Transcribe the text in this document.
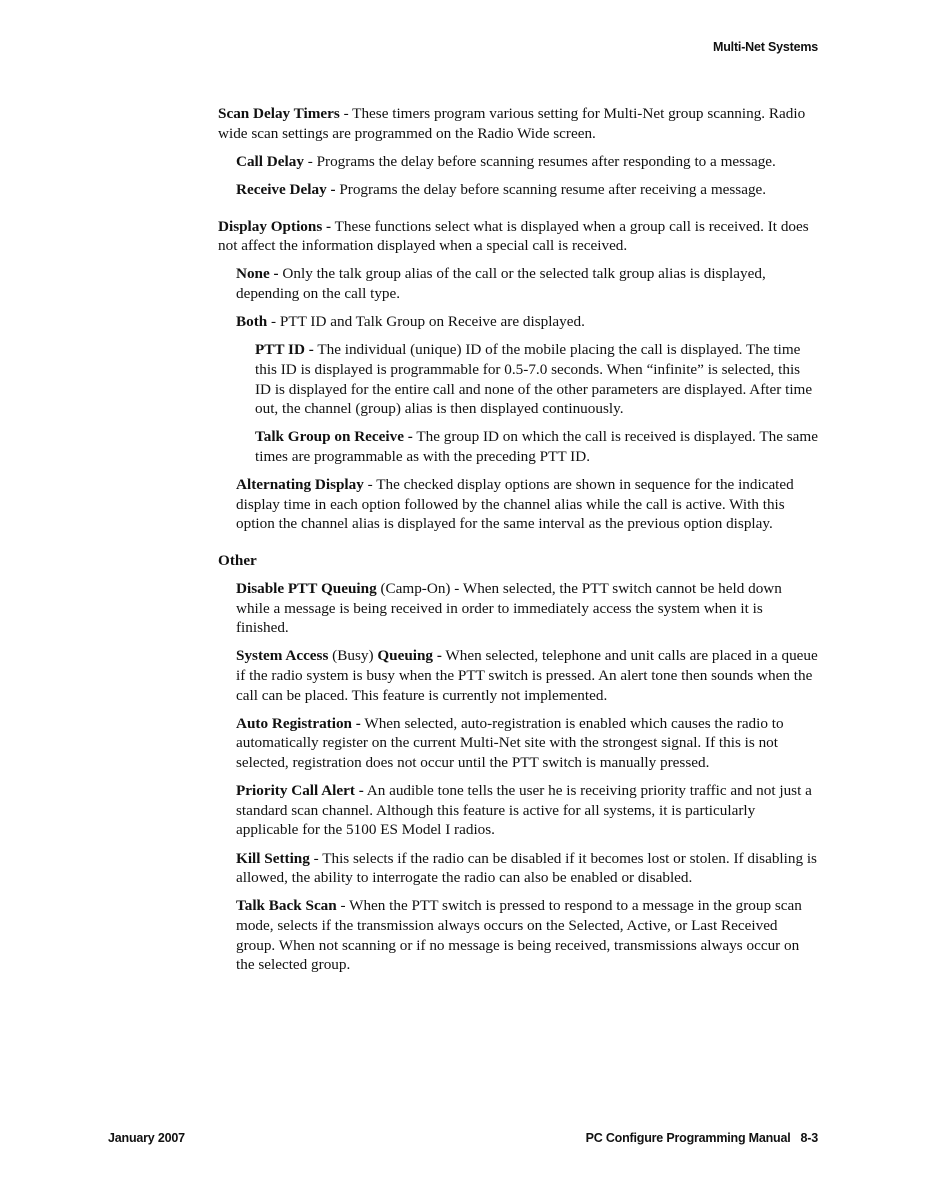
Multi-Net Systems
Scan Delay Timers - These timers program various setting for Multi-Net group scanning. Radio wide scan settings are programmed on the Radio Wide screen.
Call Delay - Programs the delay before scanning resumes after responding to a message.
Receive Delay - Programs the delay before scanning resume after receiving a message.
Display Options - These functions select what is displayed when a group call is received. It does not affect the information displayed when a special call is received.
None - Only the talk group alias of the call or the selected talk group alias is displayed, depending on the call type.
Both - PTT ID and Talk Group on Receive are displayed.
PTT ID - The individual (unique) ID of the mobile placing the call is displayed. The time this ID is displayed is programmable for 0.5-7.0 seconds. When “infinite” is selected, this ID is displayed for the entire call and none of the other parameters are displayed. After time out, the channel (group) alias is then displayed continuously.
Talk Group on Receive - The group ID on which the call is received is displayed. The same times are programmable as with the preceding PTT ID.
Alternating Display - The checked display options are shown in sequence for the indicated display time in each option followed by the channel alias while the call is active. With this option the channel alias is displayed for the same interval as the previous option display.
Other
Disable PTT Queuing (Camp-On) - When selected, the PTT switch cannot be held down while a message is being received in order to immediately access the system when it is finished.
System Access (Busy) Queuing - When selected, telephone and unit calls are placed in a queue if the radio system is busy when the PTT switch is pressed. An alert tone then sounds when the call can be placed. This feature is currently not implemented.
Auto Registration - When selected, auto-registration is enabled which causes the radio to automatically register on the current Multi-Net site with the strongest signal. If this is not selected, registration does not occur until the PTT switch is manually pressed.
Priority Call Alert - An audible tone tells the user he is receiving priority traffic and not just a standard scan channel. Although this feature is active for all systems, it is particularly applicable for the 5100 ES Model I radios.
Kill Setting - This selects if the radio can be disabled if it becomes lost or stolen. If disabling is allowed, the ability to interrogate the radio can also be enabled or disabled.
Talk Back Scan - When the PTT switch is pressed to respond to a message in the group scan mode, selects if the transmission always occurs on the Selected, Active, or Last Received group. When not scanning or if no message is being received, transmissions always occur on the selected group.
January 2007	PC Configure Programming Manual 8-3
